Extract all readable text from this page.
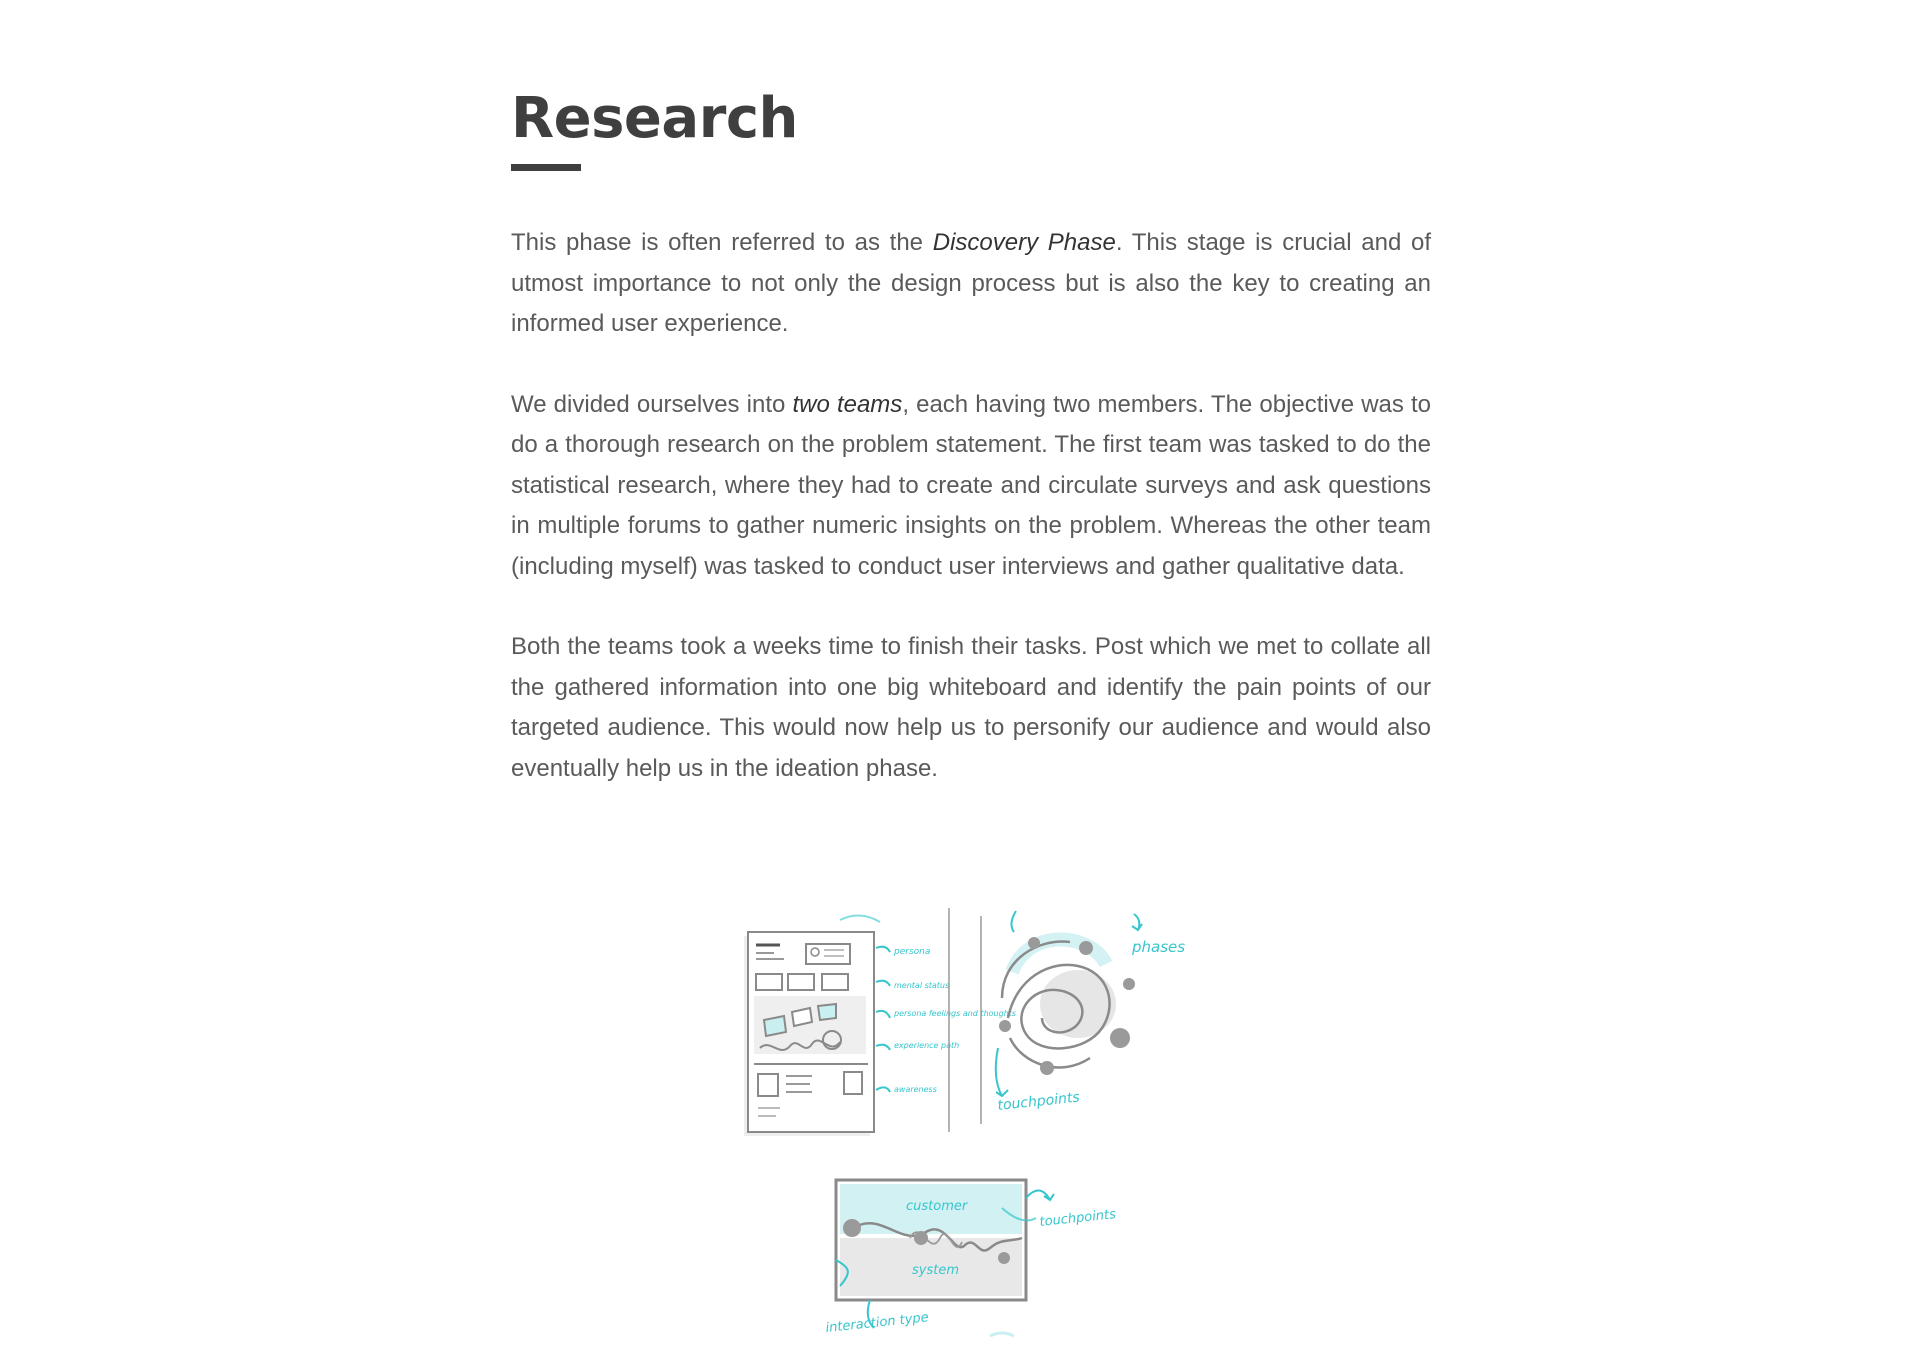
Research

This phase is often referred to as the Discovery Phase. This stage is crucial and of utmost importance to not only the design process but is also the key to creating an informed user experience.

We divided ourselves into two teams, each having two members. The objective was to do a thorough research on the problem statement. The first team was tasked to do the statistical research, where they had to create and circulate surveys and ask questions in multiple forums to gather numeric insights on the problem. Whereas the other team (including myself) was tasked to conduct user interviews and gather qualitative data.

Both the teams took a weeks time to finish their tasks. Post which we met to collate all the gathered information into one big whiteboard and identify the pain points of our targeted audience. This would now help us to personify our audience and would also eventually help us in the ideation phase.

persona
mental status
persona feelings and thoughts
experience path
awareness
phases
touchpoints
customer
touchpoints
system
interaction type
